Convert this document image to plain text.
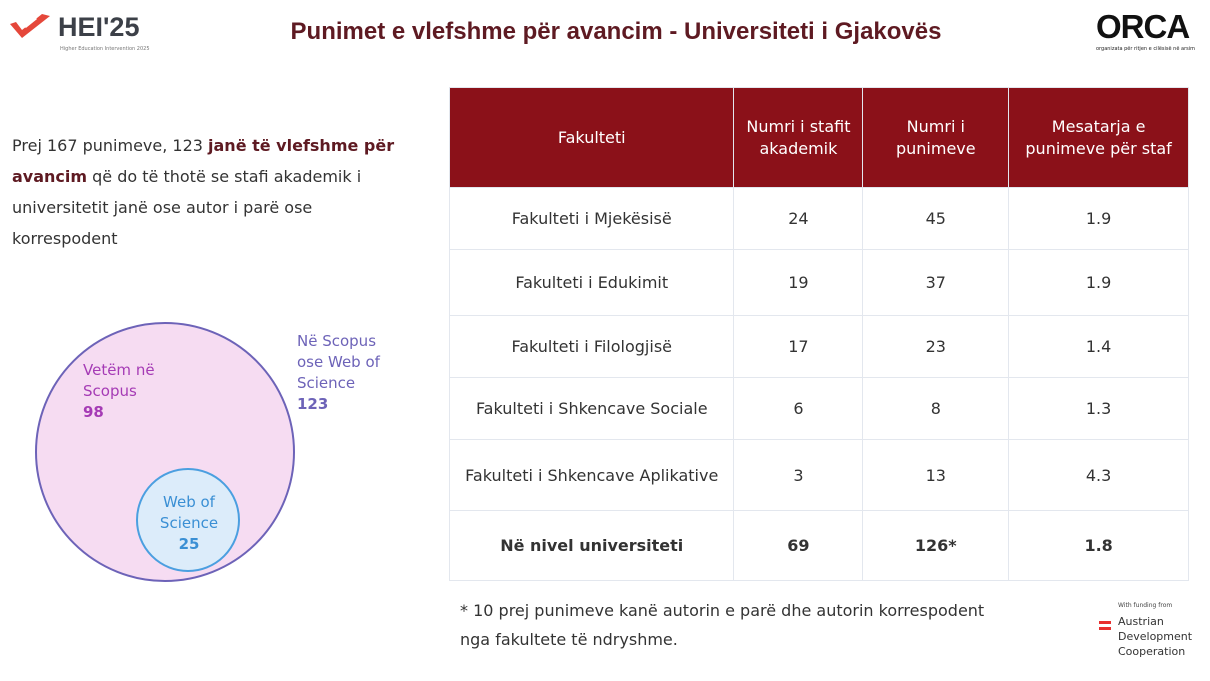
HEI'25
Higher Education Intervention 2025
Punimet e vlefshme për avancim - Universiteti i Gjakovës	ORCA
organizata për ritjen e cilësisë në arsim
Prej 167 punimeve, 123 janë të vlefshme për avancim që do të thotë se stafi akademik i universitetit janë ose autor i parë ose korrespodent
Në Scopus
ose Web of
Science
123
Vetëm në
Scopus
98
Web of
Science
25
Fakulteti	Numri i stafit akademik	Numri i punimeve	Mesatarja e punimeve për staf
Fakulteti i Mjekësisë	24	45	1.9
Fakulteti i Edukimit	19	37	1.9
Fakulteti i Filologjisë	17	23	1.4
Fakulteti i Shkencave Sociale	6	8	1.3
Fakulteti i Shkencave Aplikative	3	13	4.3
Në nivel universiteti	69	126*	1.8
* 10 prej punimeve kanë autorin e parë dhe autorin korrespodent
nga fakultete të ndryshme.
With funding from
Austrian
Development
Cooperation
